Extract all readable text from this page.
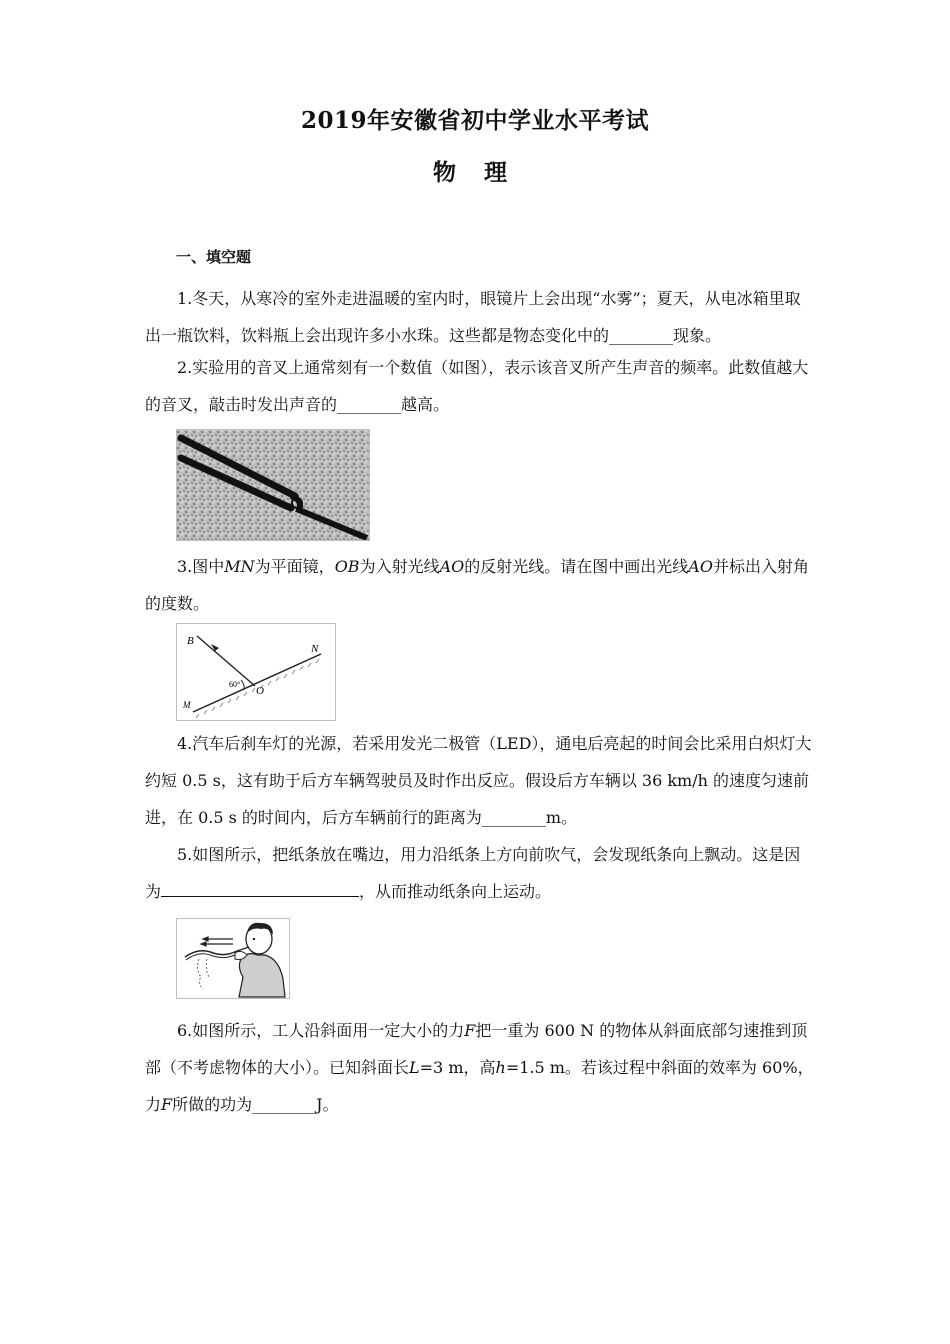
2019年安徽省初中学业水平考试
物 理
一、填空题
1.冬天，从寒冷的室外走进温暖的室内时，眼镜片上会出现“水雾”；夏天，从电冰箱里取出一瓶饮料，饮料瓶上会出现许多小水珠。这些都是物态变化中的________现象。
2.实验用的音叉上通常刻有一个数值（如图），表示该音叉所产生声音的频率。此数值越大的音叉，敲击时发出声音的________越高。
3.图中MN为平面镜，OB为入射光线AO的反射光线。请在图中画出光线AO并标出入射角的度数。
B
N
M
O
60°
4.汽车后刹车灯的光源，若采用发光二极管（LED），通电后亮起的时间会比采用白炽灯大约短 0.5 s，这有助于后方车辆驾驶员及时作出反应。假设后方车辆以 36 km/h 的速度匀速前进，在 0.5 s 的时间内，后方车辆前行的距离为________m。
5.如图所示，把纸条放在嘴边，用力沿纸条上方向前吹气，会发现纸条向上飘动。这是因为	，从而推动纸条向上运动。
6.如图所示，工人沿斜面用一定大小的力F把一重为 600 N 的物体从斜面底部匀速推到顶部（不考虑物体的大小）。已知斜面长L=3 m，高h=1.5 m。若该过程中斜面的效率为 60%，力F所做的功为________J。
